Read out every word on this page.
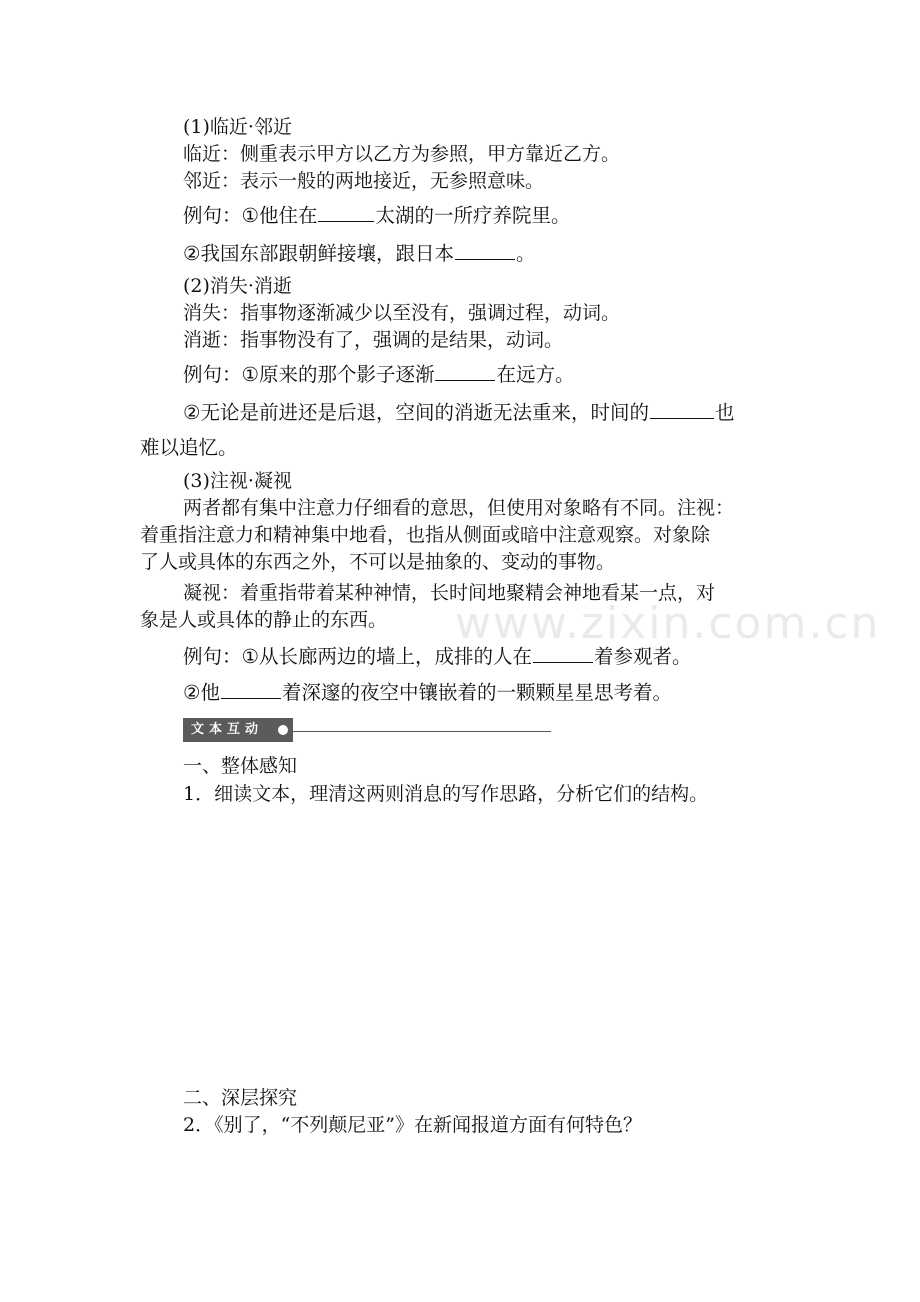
www.zixin.com.cn
(1)临近·邻近
临近：侧重表示甲方以乙方为参照，甲方靠近乙方。
邻近：表示一般的两地接近，无参照意味。
例句：①他住在	太湖的一所疗养院里。
②我国东部跟朝鲜接壤，跟日本	。
(2)消失·消逝
消失：指事物逐渐减少以至没有，强调过程，动词。
消逝：指事物没有了，强调的是结果，动词。
例句：①原来的那个影子逐渐	在远方。
②无论是前进还是后退，空间的消逝无法重来，时间的	也
难以追忆。
(3)注视·凝视
两者都有集中注意力仔细看的意思，但使用对象略有不同。注视：
着重指注意力和精神集中地看，也指从侧面或暗中注意观察。对象除
了人或具体的东西之外，不可以是抽象的、变动的事物。
凝视：着重指带着某种神情，长时间地聚精会神地看某一点，对
象是人或具体的静止的东西。
例句：①从长廊两边的墙上，成排的人在	着参观者。
②他	着深邃的夜空中镶嵌着的一颗颗星星思考着。
文本互动
一、整体感知
1．细读文本，理清这两则消息的写作思路，分析它们的结构。
二、深层探究
2．《别了，“不列颠尼亚”》在新闻报道方面有何特色？
